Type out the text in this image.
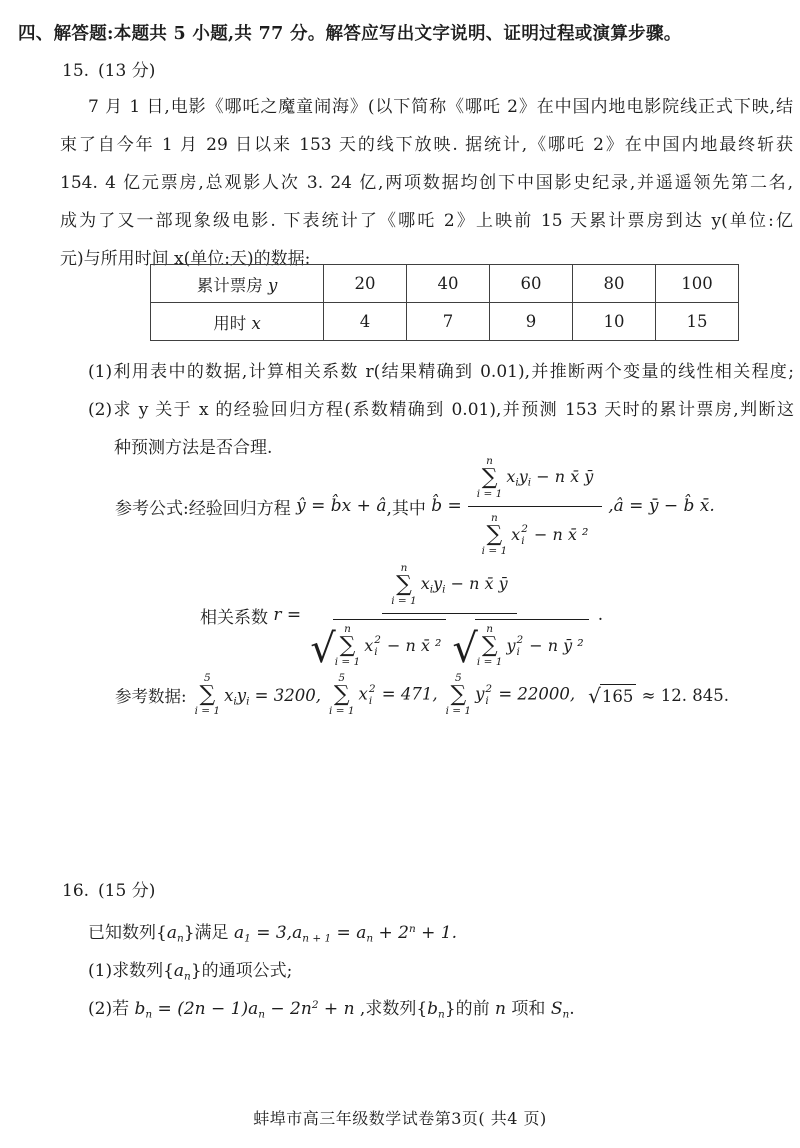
四、解答题:本题共 5 小题,共 77 分。解答应写出文字说明、证明过程或演算步骤。
15. (13 分)
7 月 1 日,电影《哪吒之魔童闹海》(以下简称《哪吒 2》在中国内地电影院线正式下映,结
束了自今年 1 月 29 日以来 153 天的线下放映. 据统计,《哪吒 2》在中国内地最终斩获
154. 4 亿元票房,总观影人次 3. 24 亿,两项数据均创下中国影史纪录,并遥遥领先第二名,
成为了又一部现象级电影. 下表统计了《哪吒 2》上映前 15 天累计票房到达 y(单位:亿
元)与所用时间 x(单位:天)的数据:
累计票房 y	20	40	60	80	100
用时 x	4	7	9	10	15
(1)利用表中的数据,计算相关系数 r(结果精确到 0.01),并推断两个变量的线性相关程度;
(2)求 y 关于 x 的经验回归方程(系数精确到 0.01),并预测 153 天时的累计票房,判断这
种预测方法是否合理.
参考公式:经验回归方程 ŷ = b̂x + â ,其中 b̂ = n
∑
i = 1
$x_iy_i - n$ x̄ ȳ
n
∑
i = 1
x 2
i − n x̄ ² ,â = ȳ − b̂ x̄.
相关系数 r = n
∑
i = 1
$x_iy_i - n$ x̄ ȳ
√ n
∑
i = 1
x 2
i − n x̄ ² √ n
∑
i = 1
y 2
i − n ȳ ² .
参考数据:
5
∑
i = 1
$x_iy_i = 3200$,
5
∑
i = 1
x 2
i = 471,
5
∑
i = 1
y 2
i = 22000, √ 165 ≈ 12. 845.
16. (15 分)
已知数列$\{a_n\}$满足 $a_1 = 3,a_{n + 1} = a_n + 2^n + 1$.
(1)求数列$\{a_n\}$的通项公式;
(2)若 $b_n = (2n - 1)a_n - 2n^2 + n$ ,求数列$\{b_n\}$的前 n 项和 $S_n$.
蚌埠市高三年级数学试卷第3页( 共4 页)
